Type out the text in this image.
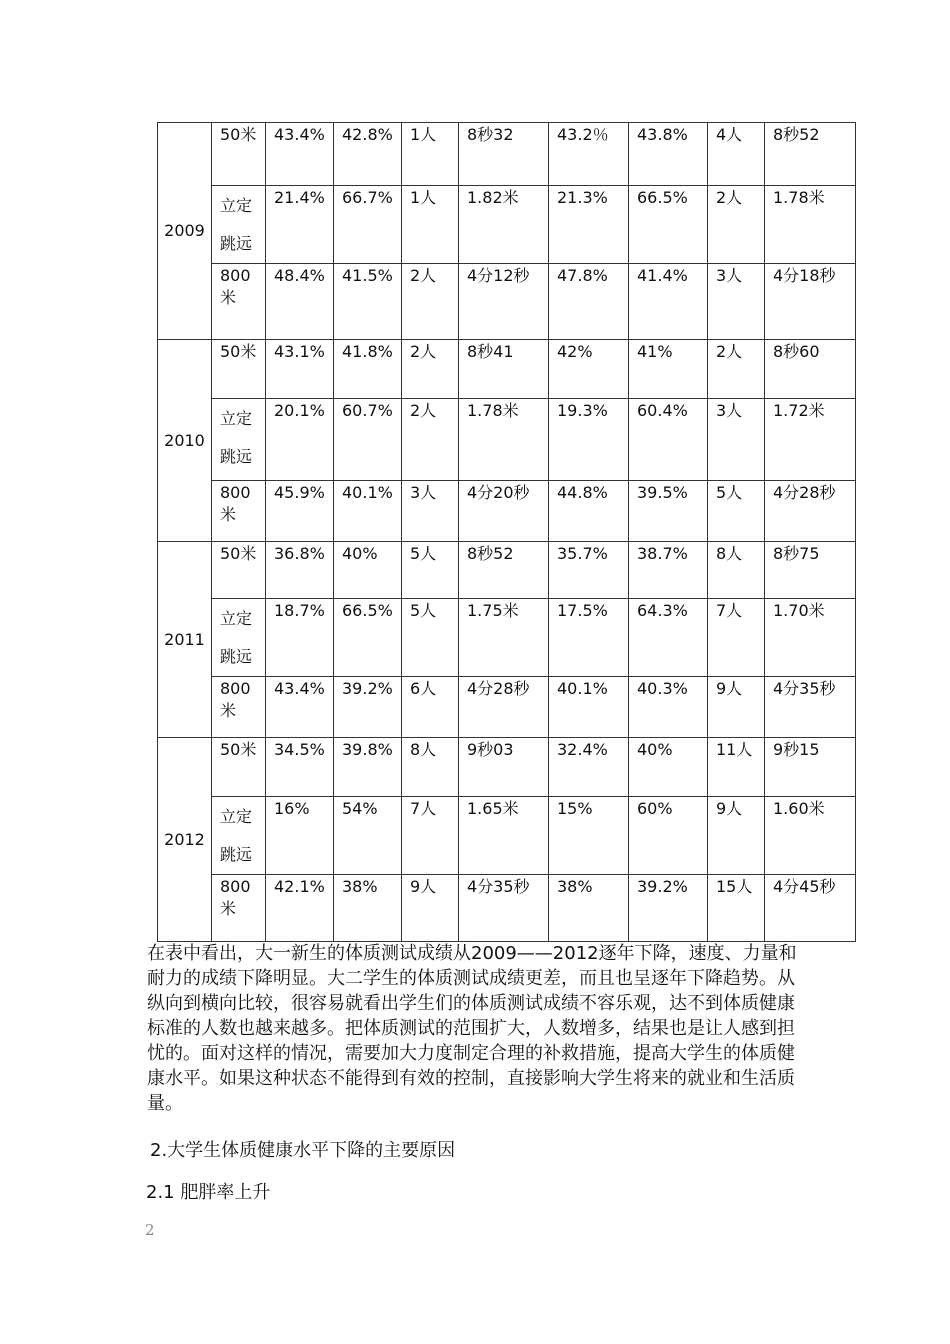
2009	50米	43.4%	42.8%	1人	8秒32	43.2％	43.8%	4人	8秒52
	立定跳远	21.4%	66.7%	1人	1.82米	21.3%	66.5%	2人	1.78米
	800米	48.4%	41.5%	2人	4分12秒	47.8%	41.4%	3人	4分18秒
2010	50米	43.1%	41.8%	2人	8秒41	42%	41%	2人	8秒60
	立定跳远	20.1%	60.7%	2人	1.78米	19.3%	60.4%	3人	1.72米
	800米	45.9%	40.1%	3人	4分20秒	44.8%	39.5%	5人	4分28秒
2011	50米	36.8%	40%	5人	8秒52	35.7%	38.7%	8人	8秒75
	立定跳远	18.7%	66.5%	5人	1.75米	17.5%	64.3%	7人	1.70米
	800米	43.4%	39.2%	6人	4分28秒	40.1%	40.3%	9人	4分35秒
2012	50米	34.5%	39.8%	8人	9秒03	32.4%	40%	11人	9秒15
	立定跳远	16%	54%	7人	1.65米	15%	60%	9人	1.60米
	800米	42.1%	38%	9人	4分35秒	38%	39.2%	15人	4分45秒

在表中看出，大一新生的体质测试成绩从2009——2012逐年下降，速度、力量和耐力的成绩下降明显。大二学生的体质测试成绩更差，而且也呈逐年下降趋势。从纵向到横向比较，很容易就看出学生们的体质测试成绩不容乐观，达不到体质健康标准的人数也越来越多。把体质测试的范围扩大，人数增多，结果也是让人感到担忧的。面对这样的情况，需要加大力度制定合理的补救措施，提高大学生的体质健康水平。如果这种状态不能得到有效的控制，直接影响大学生将来的就业和生活质量。

2.大学生体质健康水平下降的主要原因

2.1 肥胖率上升

2
